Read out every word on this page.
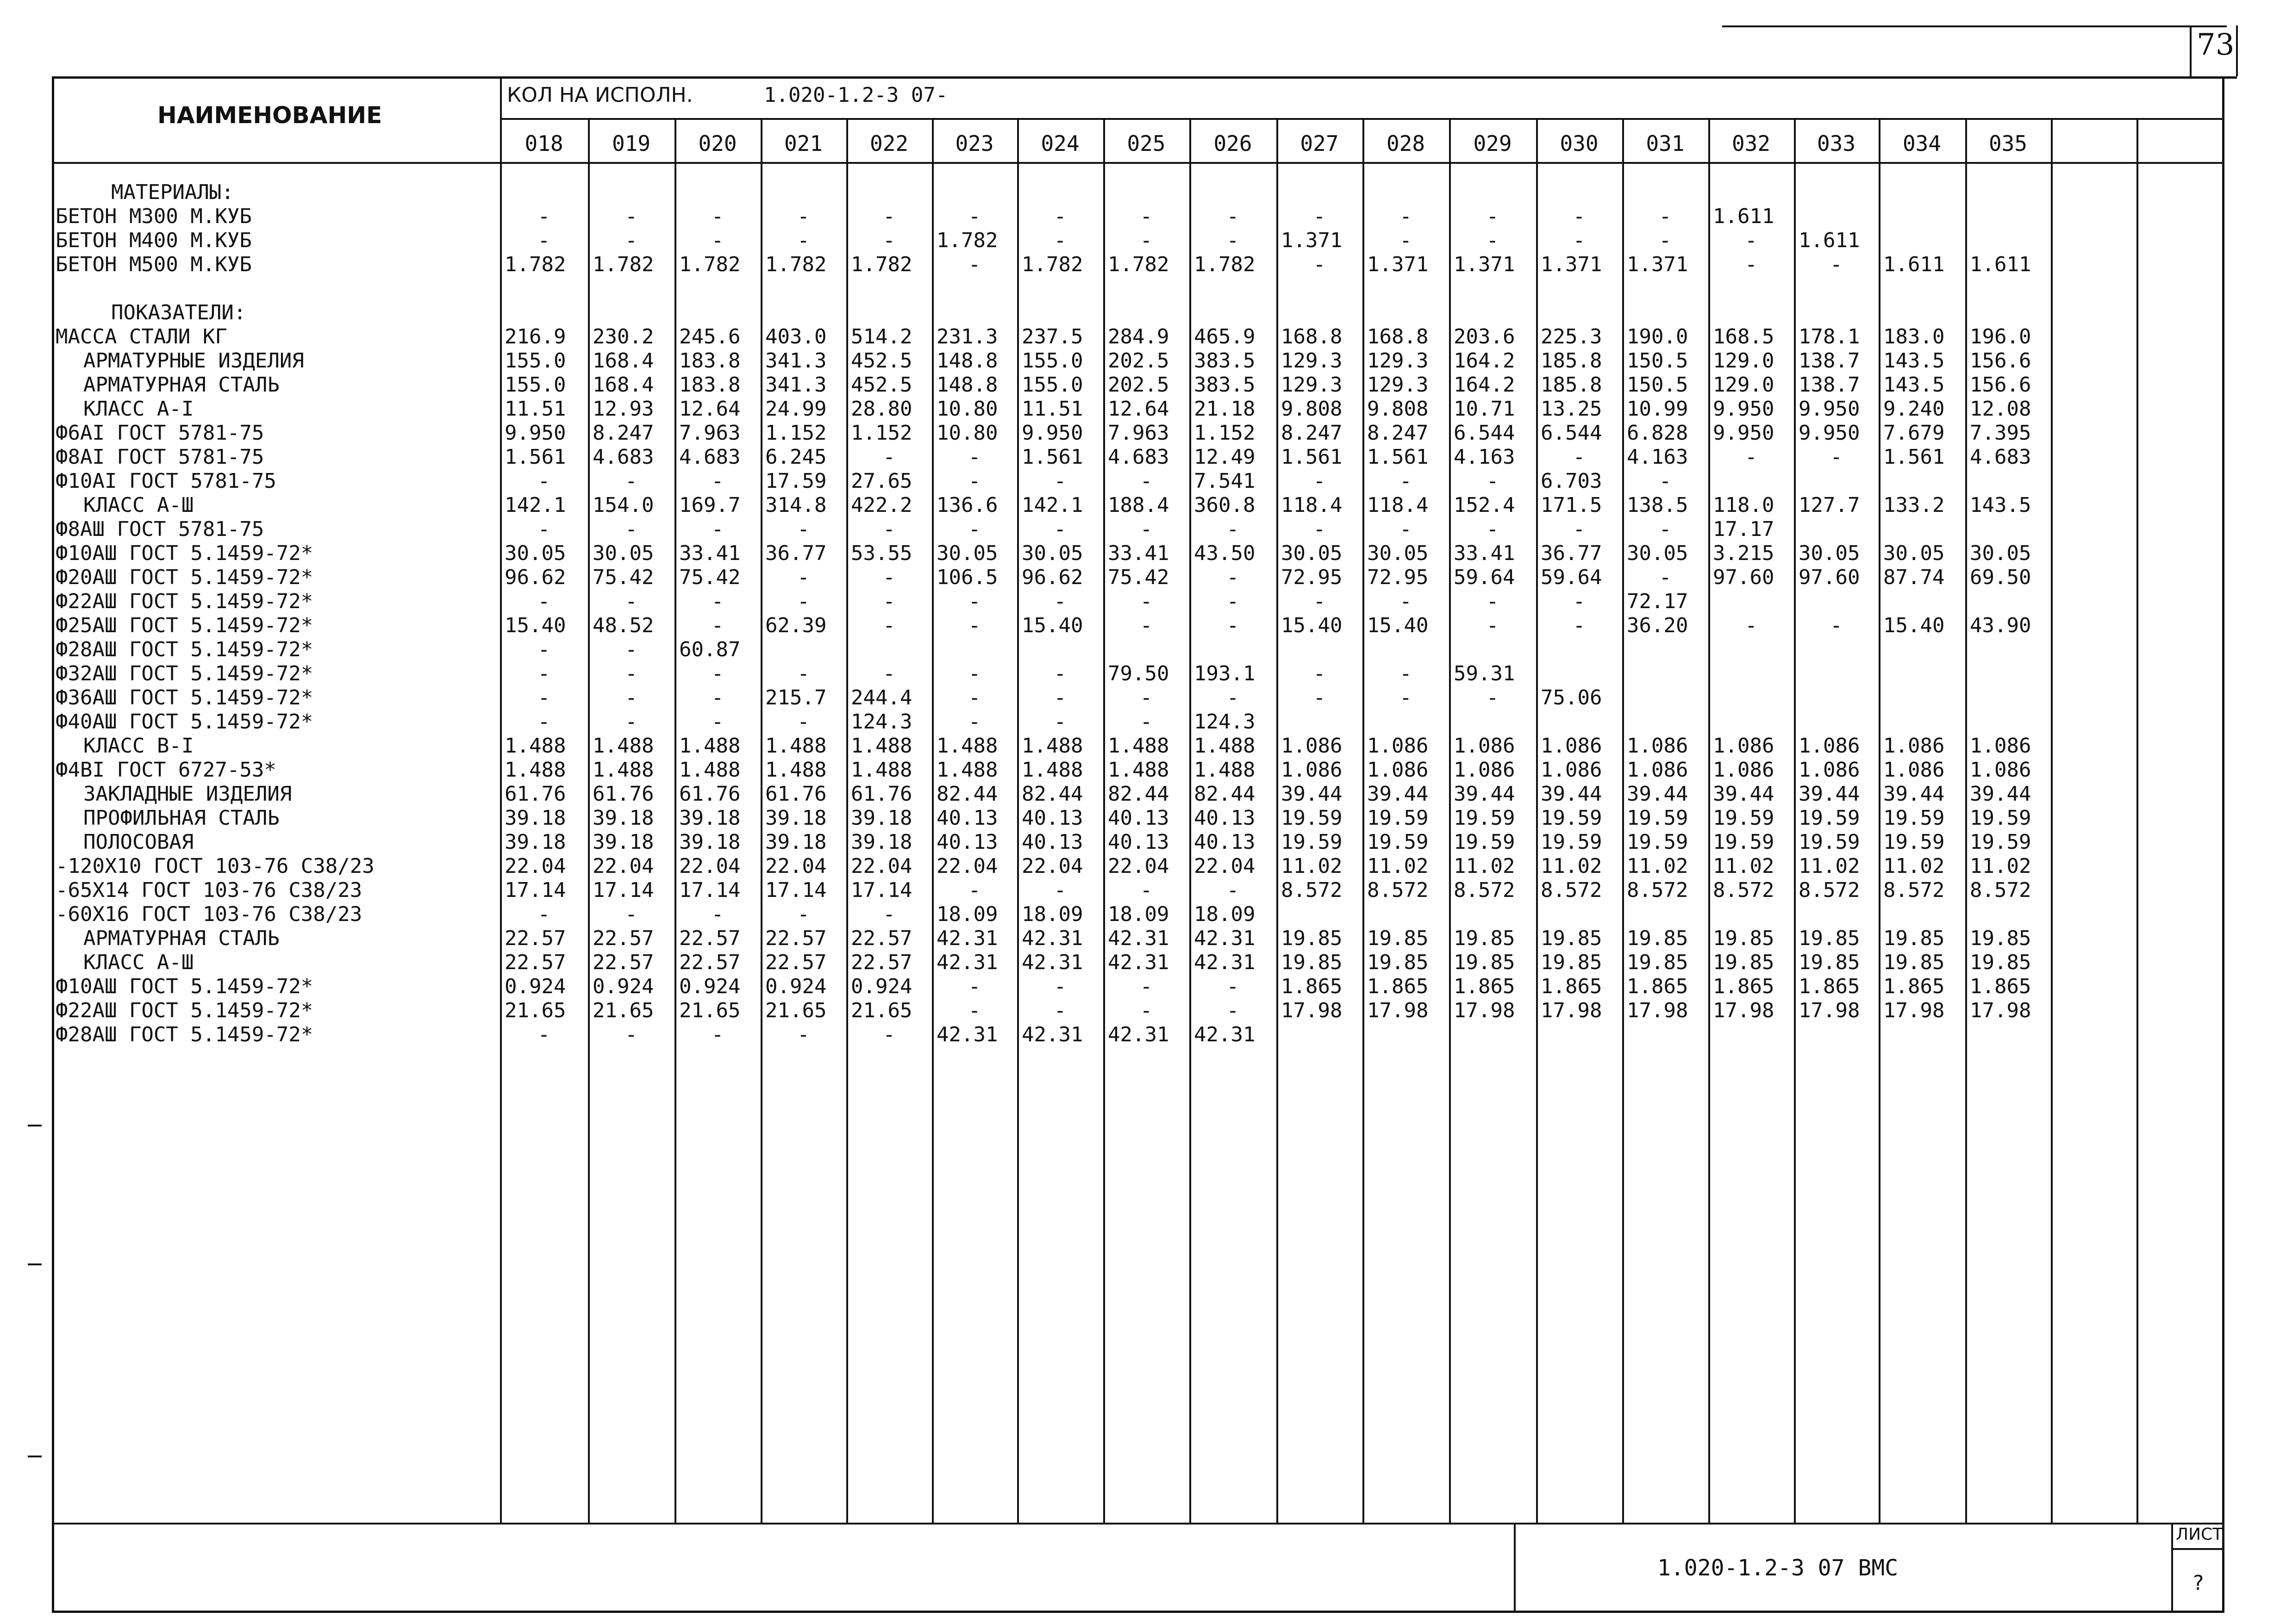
73
НАИМЕНОВАНИЕ
КОЛ НА ИСПОЛН.	1.020-1.2-3 07-
018	019	020	021	022	023	024	025	026	027	028	029	030	031	032	033	034	035
МАТЕРИАЛЫ:
БЕТОН М300 М.КУБ	-	-	-	-	-	-	-	-	-	-	-	-	-	-	1.611
БЕТОН М400 М.КУБ	-	-	-	-	-	1.782	-	-	-	1.371	-	-	-	-	-	1.611
БЕТОН М500 М.КУБ	1.782	1.782	1.782	1.782	1.782	-	1.782	1.782	1.782	-	1.371	1.371	1.371	1.371	-	-	1.611	1.611
ПОКАЗАТЕЛИ:
МАССА СТАЛИ КГ	216.9	230.2	245.6	403.0	514.2	231.3	237.5	284.9	465.9	168.8	168.8	203.6	225.3	190.0	168.5	178.1	183.0	196.0
АРМАТУРНЫЕ ИЗДЕЛИЯ	155.0	168.4	183.8	341.3	452.5	148.8	155.0	202.5	383.5	129.3	129.3	164.2	185.8	150.5	129.0	138.7	143.5	156.6
АРМАТУРНАЯ СТАЛЬ	155.0	168.4	183.8	341.3	452.5	148.8	155.0	202.5	383.5	129.3	129.3	164.2	185.8	150.5	129.0	138.7	143.5	156.6
КЛАСС А-I	11.51	12.93	12.64	24.99	28.80	10.80	11.51	12.64	21.18	9.808	9.808	10.71	13.25	10.99	9.950	9.950	9.240	12.08
Ф6АI ГОСТ 5781-75	9.950	8.247	7.963	1.152	1.152	10.80	9.950	7.963	1.152	8.247	8.247	6.544	6.544	6.828	9.950	9.950	7.679	7.395
Ф8АI ГОСТ 5781-75	1.561	4.683	4.683	6.245	-	-	1.561	4.683	12.49	1.561	1.561	4.163	-	4.163	-	-	1.561	4.683
Ф10АI ГОСТ 5781-75	-	-	-	17.59	27.65	-	-	-	7.541	-	-	-	6.703	-
КЛАСС А-Ш	142.1	154.0	169.7	314.8	422.2	136.6	142.1	188.4	360.8	118.4	118.4	152.4	171.5	138.5	118.0	127.7	133.2	143.5
Ф8АШ ГОСТ 5781-75	-	-	-	-	-	-	-	-	-	-	-	-	-	-	17.17
Ф10АШ ГОСТ 5.1459-72*	30.05	30.05	33.41	36.77	53.55	30.05	30.05	33.41	43.50	30.05	30.05	33.41	36.77	30.05	3.215	30.05	30.05	30.05
Ф20АШ ГОСТ 5.1459-72*	96.62	75.42	75.42	-	-	106.5	96.62	75.42	-	72.95	72.95	59.64	59.64	-	97.60	97.60	87.74	69.50
Ф22АШ ГОСТ 5.1459-72*	-	-	-	-	-	-	-	-	-	-	-	-	-	72.17
Ф25АШ ГОСТ 5.1459-72*	15.40	48.52	-	62.39	-	-	15.40	-	-	15.40	15.40	-	-	36.20	-	-	15.40	43.90
Ф28АШ ГОСТ 5.1459-72*	-	-	60.87
Ф32АШ ГОСТ 5.1459-72*	-	-	-	-	-	-	-	79.50	193.1	-	-	59.31
Ф36АШ ГОСТ 5.1459-72*	-	-	-	215.7	244.4	-	-	-	-	-	-	-	75.06
Ф40АШ ГОСТ 5.1459-72*	-	-	-	-	124.3	-	-	-	124.3
КЛАСС В-I	1.488	1.488	1.488	1.488	1.488	1.488	1.488	1.488	1.488	1.086	1.086	1.086	1.086	1.086	1.086	1.086	1.086	1.086
Ф4ВI ГОСТ 6727-53*	1.488	1.488	1.488	1.488	1.488	1.488	1.488	1.488	1.488	1.086	1.086	1.086	1.086	1.086	1.086	1.086	1.086	1.086
ЗАКЛАДНЫЕ ИЗДЕЛИЯ	61.76	61.76	61.76	61.76	61.76	82.44	82.44	82.44	82.44	39.44	39.44	39.44	39.44	39.44	39.44	39.44	39.44	39.44
ПРОФИЛЬНАЯ СТАЛЬ	39.18	39.18	39.18	39.18	39.18	40.13	40.13	40.13	40.13	19.59	19.59	19.59	19.59	19.59	19.59	19.59	19.59	19.59
ПОЛОСОВАЯ	39.18	39.18	39.18	39.18	39.18	40.13	40.13	40.13	40.13	19.59	19.59	19.59	19.59	19.59	19.59	19.59	19.59	19.59
-120Х10 ГОСТ 103-76 С38/23	22.04	22.04	22.04	22.04	22.04	22.04	22.04	22.04	22.04	11.02	11.02	11.02	11.02	11.02	11.02	11.02	11.02	11.02
-65Х14 ГОСТ 103-76 С38/23	17.14	17.14	17.14	17.14	17.14	-	-	-	-	8.572	8.572	8.572	8.572	8.572	8.572	8.572	8.572	8.572
-60Х16 ГОСТ 103-76 С38/23	-	-	-	-	-	18.09	18.09	18.09	18.09
АРМАТУРНАЯ СТАЛЬ	22.57	22.57	22.57	22.57	22.57	42.31	42.31	42.31	42.31	19.85	19.85	19.85	19.85	19.85	19.85	19.85	19.85	19.85
КЛАСС А-Ш	22.57	22.57	22.57	22.57	22.57	42.31	42.31	42.31	42.31	19.85	19.85	19.85	19.85	19.85	19.85	19.85	19.85	19.85
Ф10АШ ГОСТ 5.1459-72*	0.924	0.924	0.924	0.924	0.924	-	-	-	-	1.865	1.865	1.865	1.865	1.865	1.865	1.865	1.865	1.865
Ф22АШ ГОСТ 5.1459-72*	21.65	21.65	21.65	21.65	21.65	-	-	-	-	17.98	17.98	17.98	17.98	17.98	17.98	17.98	17.98	17.98
Ф28АШ ГОСТ 5.1459-72*	-	-	-	-	-	42.31	42.31	42.31	42.31
1.020-1.2-3 07 ВМС
ЛИСТ
?
